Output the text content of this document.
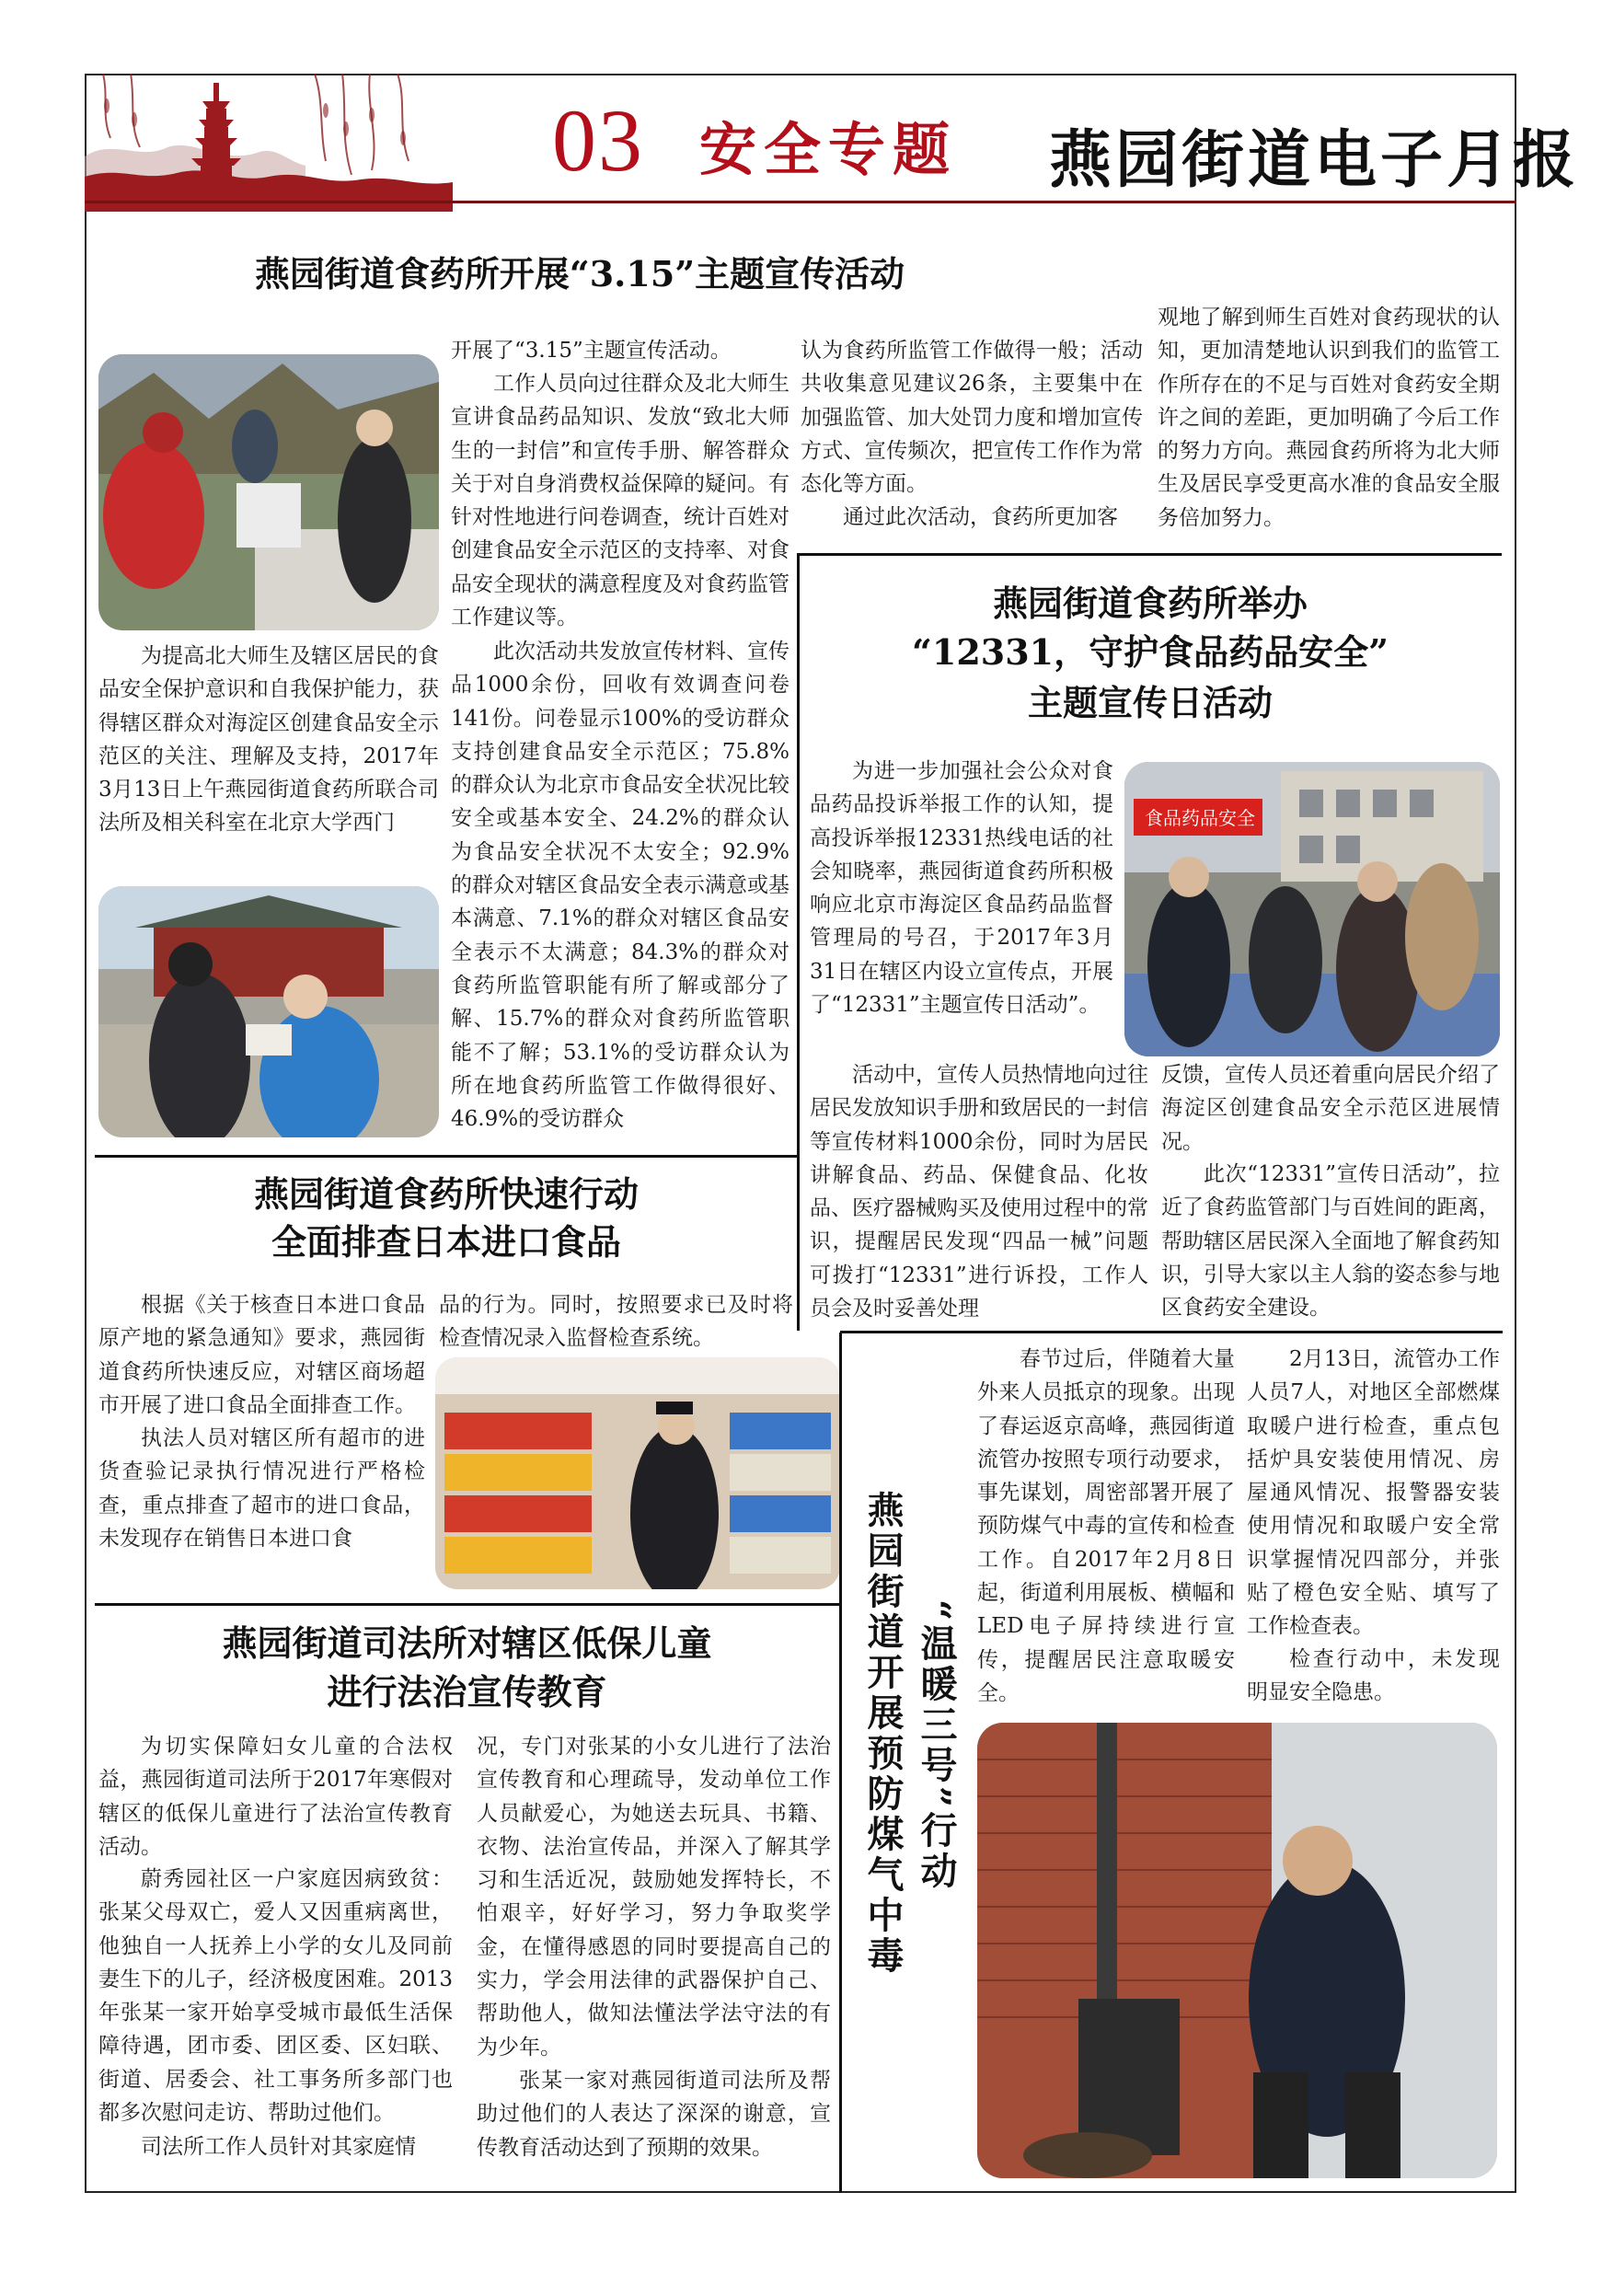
03 安全专题 燕园街道电子月报
燕园街道食药所开展“3.15”主题宣传活动

为提高北大师生及辖区居民的食品安全保护意识和自我保护能力，获得辖区群众对海淀区创建食品安全示范区的关注、理解及支持，2017年3月13日上午燕园街道食药所联合司法所及相关科室在北京大学西门

开展了“3.15”主题宣传活动。

工作人员向过往群众及北大师生宣讲食品药品知识、发放“致北大师生的一封信”和宣传手册、解答群众关于对自身消费权益保障的疑问。有针对性地进行问卷调查，统计百姓对创建食品安全示范区的支持率、对食品安全现状的满意程度及对食药监管工作建议等。

此次活动共发放宣传材料、宣传品1000余份，回收有效调查问卷141份。问卷显示100%的受访群众支持创建食品安全示范区；75.8%的群众认为北京市食品安全状况比较安全或基本安全、24.2%的群众认为食品安全状况不太安全；92.9%的群众对辖区食品安全表示满意或基本满意、7.1%的群众对辖区食品安全表示不太满意；84.3%的群众对食药所监管职能有所了解或部分了解、15.7%的群众对食药所监管职能不了解；53.1%的受访群众认为所在地食药所监管工作做得很好、46.9%的受访群众

认为食药所监管工作做得一般；活动共收集意见建议26条，主要集中在加强监管、加大处罚力度和增加宣传方式、宣传频次，把宣传工作作为常态化等方面。

通过此次活动，食药所更加客

观地了解到师生百姓对食药现状的认知，更加清楚地认识到我们的监管工作所存在的不足与百姓对食药安全期许之间的差距，更加明确了今后工作的努力方向。燕园食药所将为北大师生及居民享受更高水准的食品安全服务倍加努力。

燕园街道食药所举办
“12331，守护食品药品安全”
主题宣传日活动

为进一步加强社会公众对食品药品投诉举报工作的认知，提高投诉举报12331热线电话的社会知晓率，燕园街道食药所积极响应北京市海淀区食品药品监督管理局的号召，于2017年3月31日在辖区内设立宣传点，开展了“12331”主题宣传日活动”。

食品药品安全

活动中，宣传人员热情地向过往居民发放知识手册和致居民的一封信等宣传材料1000余份，同时为居民讲解食品、药品、保健食品、化妆品、医疗器械购买及使用过程中的常识，提醒居民发现“四品一械”问题可拨打“12331”进行诉投，工作人员会及时妥善处理

反馈，宣传人员还着重向居民介绍了海淀区创建食品安全示范区进展情况。

此次“12331”宣传日活动”，拉近了食药监管部门与百姓间的距离，帮助辖区居民深入全面地了解食药知识，引导大家以主人翁的姿态参与地区食药安全建设。

燕园街道食药所快速行动
全面排查日本进口食品

根据《关于核查日本进口食品原产地的紧急通知》要求，燕园街道食药所快速反应，对辖区商场超市开展了进口食品全面排查工作。

执法人员对辖区所有超市的进货查验记录执行情况进行严格检查，重点排查了超市的进口食品，未发现存在销售日本进口食

品的行为。同时，按照要求已及时将检查情况录入监督检查系统。

燕园街道司法所对辖区低保儿童
进行法治宣传教育

为切实保障妇女儿童的合法权益，燕园街道司法所于2017年寒假对辖区的低保儿童进行了法治宣传教育活动。

蔚秀园社区一户家庭因病致贫：张某父母双亡，爱人又因重病离世，他独自一人抚养上小学的女儿及同前妻生下的儿子，经济极度困难。2013年张某一家开始享受城市最低生活保障待遇，团市委、团区委、区妇联、街道、居委会、社工事务所多部门也都多次慰问走访、帮助过他们。

司法所工作人员针对其家庭情

况，专门对张某的小女儿进行了法治宣传教育和心理疏导，发动单位工作人员献爱心，为她送去玩具、书籍、衣物、法治宣传品，并深入了解其学习和生活近况，鼓励她发挥特长，不怕艰辛，好好学习，努力争取奖学金，在懂得感恩的同时要提高自己的实力，学会用法律的武器保护自己、帮助他人，做知法懂法学法守法的有为少年。

张某一家对燕园街道司法所及帮助过他们的人表达了深深的谢意，宣传教育活动达到了预期的效果。

燕园街道开展预防煤气中毒 “温暖三号”行动

春节过后，伴随着大量外来人员抵京的现象。出现了春运返京高峰，燕园街道流管办按照专项行动要求，事先谋划，周密部署开展了预防煤气中毒的宣传和检查工作。自2017年2月8日起，街道利用展板、横幅和LED电子屏持续进行宣传，提醒居民注意取暖安全。

2月13日，流管办工作人员7人，对地区全部燃煤取暖户进行检查，重点包括炉具安装使用情况、房屋通风情况、报警器安装使用情况和取暖户安全常识掌握情况四部分，并张贴了橙色安全贴、填写了工作检查表。

检查行动中，未发现明显安全隐患。
